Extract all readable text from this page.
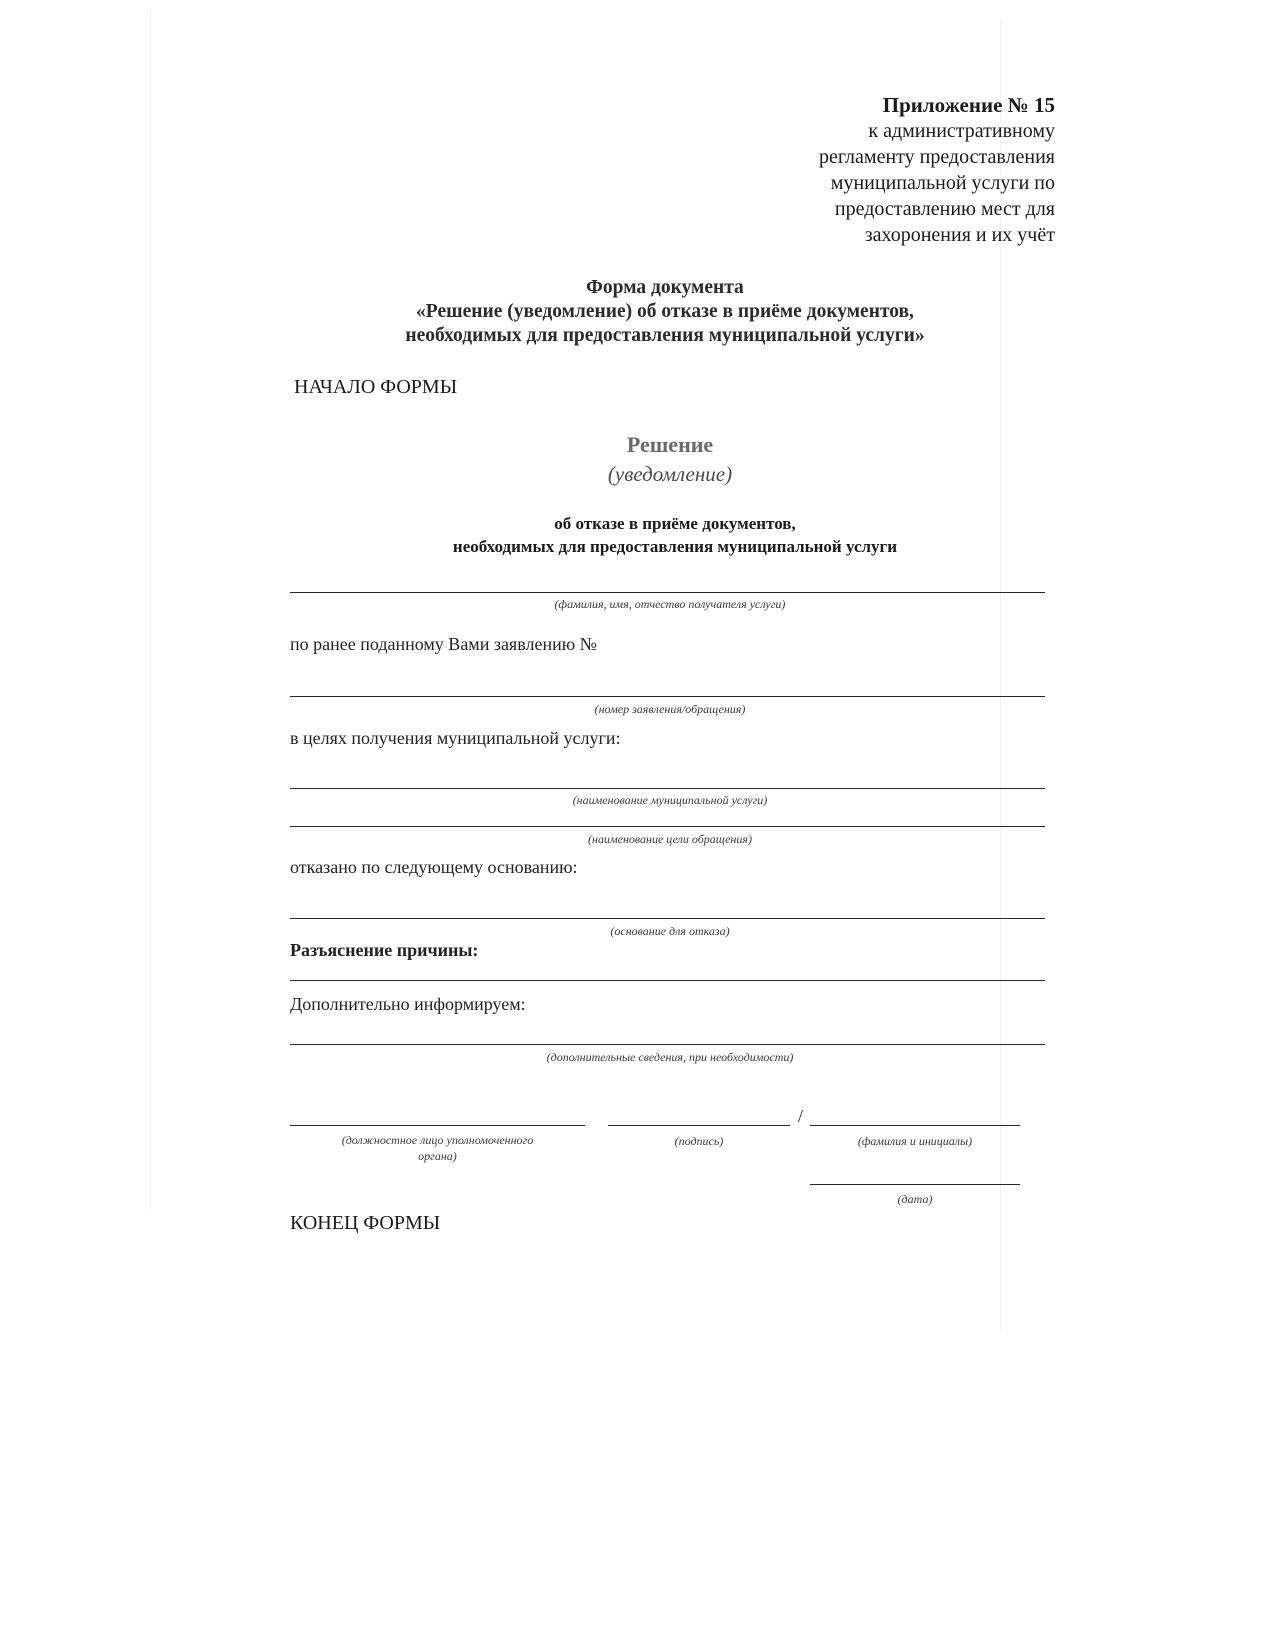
Приложение № 15
к административному
регламенту предоставления
муниципальной услуги по
предоставлению мест для
захоронения и их учёт
Форма документа
«Решение (уведомление) об отказе в приёме документов,
необходимых для предоставления муниципальной услуги»
НАЧАЛО ФОРМЫ
Решение
(уведомление)
об отказе в приёме документов,
необходимых для предоставления муниципальной услуги
(фамилия, имя, отчество получателя услуги)
по ранее поданному Вами заявлению №
(номер заявления/обращения)
в целях получения муниципальной услуги:
(наименование муниципальной услуги)
(наименование цели обращения)
отказано по следующему основанию:
(основание для отказа)
Разъяснение причины:
Дополнительно информируем:
(дополнительные сведения, при необходимости)
(должностное лицо уполномоченного
органа)
(подпись)
/
(фамилия и инициалы)
(дата)
КОНЕЦ ФОРМЫ
